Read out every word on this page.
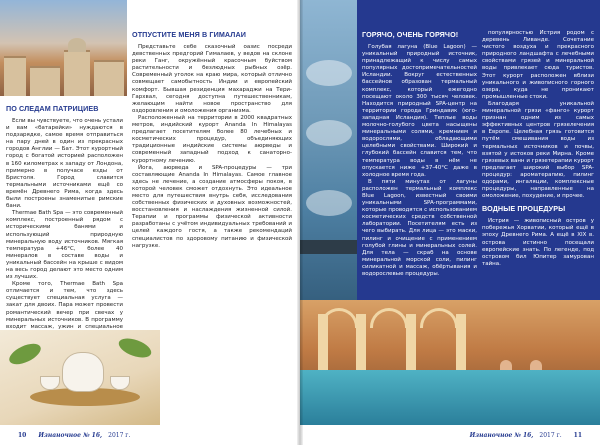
ПО СЛЕДАМ ПАТРИЦИЕВ

Если вы чувствуете, что очень устали и вам «батарейки» нуждаются в подзарядке, самое время отправиться на пару дней в один из прекрасных городов Англии — Бат. Этот курортный город с богатой историей расположен в 160 километрах к западу от Лондона, примерно в получасе езды от Бристоля. Город славится термальными источниками ещё со времён Древнего Рима, когда здесь были построены знаменитые римские бани.

Thermae Bath Spa — это современный комплекс, построенный рядом с историческими банями и использующий природную минеральную воду источников. Мягкая температура +46°С, более 40 минералов в составе воды и уникальный бассейн на крыше с видом на весь город делают это место одним из лучших.

Кроме того, Thermae Bath Spa отличается и тем, что здесь существует специальная услуга — закат для двоих. Пара может провести романтический вечер при свечах у минеральных источников. В программу входит массаж, ужин и специальное

ОТПУСТИТЕ МЕНЯ В ГИМАЛАИ

Представьте себе сказочный оазис посреди девственных предгорий Гималаев, у ведов на склоне реки Ганг, окружённый красочным буйством растительности и безлюдных рыбных озёр. Современный уголок на краю мира, который отлично совмещает самобытность Индии и европейский комфорт. Бывшая резиденция махараджи на Тери-Гархвал, сегодня доступна путешественникам, желающим найти новое пространство для оздоровления и омоложения организма.

Расположенный на территории в 2000 квадратных метров, индийский курорт Ananda In Himalayas предлагает посетителям более 80 лечебных и косметических процедур, объединяющих традиционные индийские системы аюрведы и современный западный подход к санаторно-курортному лечению.

Йога, аюрведа и SPA-процедуры — три составляющие Ananda In Himalayas. Самое главное здесь не лечение, а создание атмосферы покоя, в которой человек сможет отдохнуть. Это идеальное место для путешествия внутрь себя, исследования собственных физических и духовных возможностей, восстановления и наслаждения жизненной силой. Терапии и программы физической активности разработаны с учётом индивидуальных требований и целей каждого гостя, а также рекомендаций специалистов по здоровому питанию и физической нагрузке.

10 Изнаночное № 16, 2017 г.
ГОРЯЧО, ОЧЕНЬ ГОРЯЧО!

Голубая лагуна (Blue Lagoon) — уникальный природный источник, принадлежащий к числу самых популярных достопримечательностей Исландии. Вокруг естественных бассейнов образован термальный комплекс, который ежегодно посещают около 300 тысяч человек. Находится природный SPA-центр на территории города Гриндавик (юго-западная Исландия). Теплые воды молочно-голубого цвета насыщены минеральными солями, кремнием и водорослями, обладающими целебными свойствами. Широкий и глубокий бассейн славится тем, что температура воды в нём не опускается ниже +37-40°С даже в холодное время года.

В пяти минутах от лагуны расположен термальный комплекс Blue Lagoon, известный своими уникальными SPA-программами, которые проводятся с использованием косметических средств собственной лаборатории. Посетителям есть из чего выбирать. Для лица — это маски, пилинг и очищение с применением голубой глины и минеральных солей. Для тела — скраб на основе минеральной морской соли, пилинг силикатной и массаж, обёртывания и водорослевые процедуры.

популярностью Истрия родом с деревень Ливанде. Сочетание чистого воздуха и прекрасного природного ландшафта с лечебными свойствами грязей и минеральной воды привлекает сюда туристов. Этот курорт расположен вблизи уникального и живописного горного озера, куда не проникают промышленные стоки.

Благодаря уникальной минеральной грязи «фанго» курорт признан одним из самых эффективных центров грязелечения в Европе. Целебная грязь готовится путём смешивания воды из термальных источников и почвы, взятой у истоков реки Мирна. Кроме грязевых ванн и грязетерапии курорт предлагает широкий выбор SPA-процедур: ароматерапию, пилинг одорами, ингаляции, комплексные процедуры, направленные на омоложение, похудение, и прочее.

ВОДНЫЕ ПРОЦЕДУРЫ

Истрия — живописный остров у побережья Хорватии, который ещё в эпоху Древнего Рима. А ещё в XIX в. острова истинно посещали европейские знать. По легенде, под островом бил Юпитер замурован тайна.

Изнаночное № 16, 2017 г. 11
